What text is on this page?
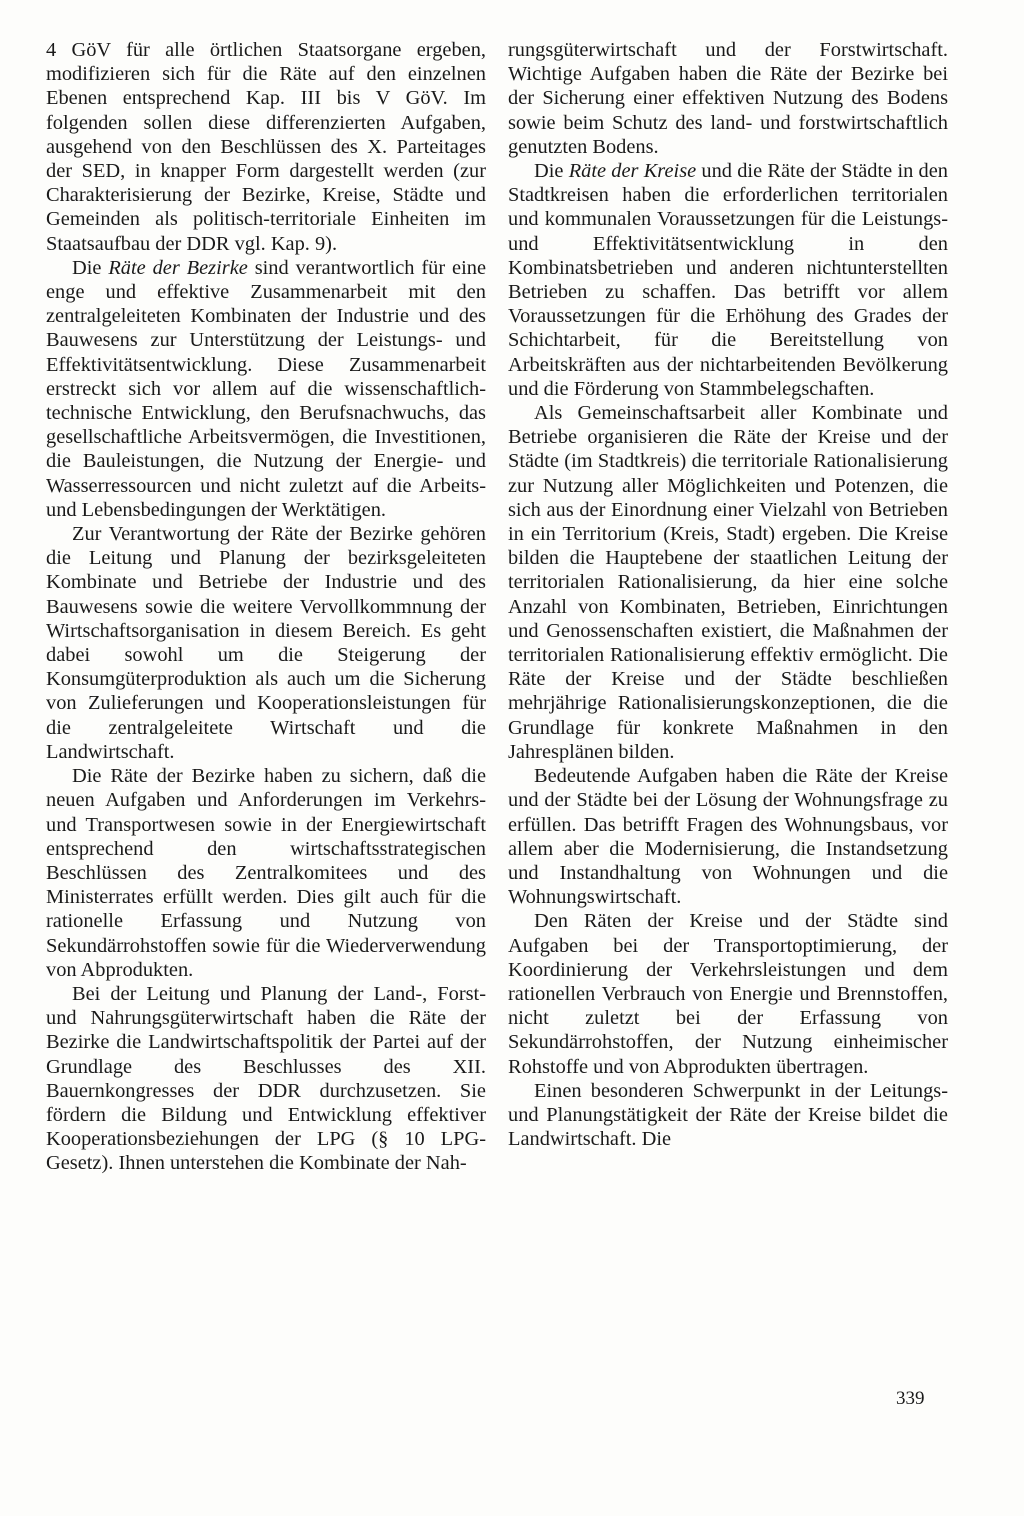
4 GöV für alle örtlichen Staatsorgane ergeben, modifizieren sich für die Räte auf den einzelnen Ebenen entsprechend Kap. III bis V GöV. Im folgenden sollen diese differenzierten Aufgaben, ausgehend von den Beschlüssen des X. Parteitages der SED, in knapper Form dargestellt werden (zur Charakterisierung der Bezirke, Kreise, Städte und Gemeinden als politisch-territoriale Einheiten im Staatsaufbau der DDR vgl. Kap. 9).

Die Räte der Bezirke sind verantwortlich für eine enge und effektive Zusammenarbeit mit den zentralgeleiteten Kombinaten der Industrie und des Bauwesens zur Unterstützung der Leistungs- und Effektivitätsentwicklung. Diese Zusammenarbeit erstreckt sich vor allem auf die wissenschaftlich-technische Entwicklung, den Berufsnachwuchs, das gesellschaftliche Arbeitsvermögen, die Investitionen, die Bauleistungen, die Nutzung der Energie- und Wasserressourcen und nicht zuletzt auf die Arbeits- und Lebensbedingungen der Werktätigen.

Zur Verantwortung der Räte der Bezirke gehören die Leitung und Planung der bezirksgeleiteten Kombinate und Betriebe der Industrie und des Bauwesens sowie die weitere Vervollkommnung der Wirtschaftsorganisation in diesem Bereich. Es geht dabei sowohl um die Steigerung der Konsumgüterproduktion als auch um die Sicherung von Zulieferungen und Kooperationsleistungen für die zentralgeleitete Wirtschaft und die Landwirtschaft.

Die Räte der Bezirke haben zu sichern, daß die neuen Aufgaben und Anforderungen im Verkehrs- und Transportwesen sowie in der Energiewirtschaft entsprechend den wirtschaftsstrategischen Beschlüssen des Zentralkomitees und des Ministerrates erfüllt werden. Dies gilt auch für die rationelle Erfassung und Nutzung von Sekundärrohstoffen sowie für die Wiederverwendung von Abprodukten.

Bei der Leitung und Planung der Land-, Forst- und Nahrungsgüterwirtschaft haben die Räte der Bezirke die Landwirtschaftspolitik der Partei auf der Grundlage des Beschlusses des XII. Bauernkongresses der DDR durchzusetzen. Sie fördern die Bildung und Entwicklung effektiver Kooperationsbeziehungen der LPG (§ 10 LPG-Gesetz). Ihnen unterstehen die Kombinate der Nah-

rungsgüterwirtschaft und der Forstwirtschaft. Wichtige Aufgaben haben die Räte der Bezirke bei der Sicherung einer effektiven Nutzung des Bodens sowie beim Schutz des land- und forstwirtschaftlich genutzten Bodens.

Die Räte der Kreise und die Räte der Städte in den Stadtkreisen haben die erforderlichen territorialen und kommunalen Voraussetzungen für die Leistungs- und Effektivitätsentwicklung in den Kombinatsbetrieben und anderen nichtunterstellten Betrieben zu schaffen. Das betrifft vor allem Voraussetzungen für die Erhöhung des Grades der Schichtarbeit, für die Bereitstellung von Arbeitskräften aus der nichtarbeitenden Bevölkerung und die Förderung von Stammbelegschaften.

Als Gemeinschaftsarbeit aller Kombinate und Betriebe organisieren die Räte der Kreise und der Städte (im Stadtkreis) die territoriale Rationalisierung zur Nutzung aller Möglichkeiten und Potenzen, die sich aus der Einordnung einer Vielzahl von Betrieben in ein Territorium (Kreis, Stadt) ergeben. Die Kreise bilden die Hauptebene der staatlichen Leitung der territorialen Rationalisierung, da hier eine solche Anzahl von Kombinaten, Betrieben, Einrichtungen und Genossenschaften existiert, die Maßnahmen der territorialen Rationalisierung effektiv ermöglicht. Die Räte der Kreise und der Städte beschließen mehrjährige Rationalisierungskonzeptionen, die die Grundlage für konkrete Maßnahmen in den Jahresplänen bilden.

Bedeutende Aufgaben haben die Räte der Kreise und der Städte bei der Lösung der Wohnungsfrage zu erfüllen. Das betrifft Fragen des Wohnungsbaus, vor allem aber die Modernisierung, die Instandsetzung und Instandhaltung von Wohnungen und die Wohnungswirtschaft.

Den Räten der Kreise und der Städte sind Aufgaben bei der Transportoptimierung, der Koordinierung der Verkehrsleistungen und dem rationellen Verbrauch von Energie und Brennstoffen, nicht zuletzt bei der Erfassung von Sekundärrohstoffen, der Nutzung einheimischer Rohstoffe und von Abprodukten übertragen.

Einen besonderen Schwerpunkt in der Leitungs- und Planungstätigkeit der Räte der Kreise bildet die Landwirtschaft. Die

339
